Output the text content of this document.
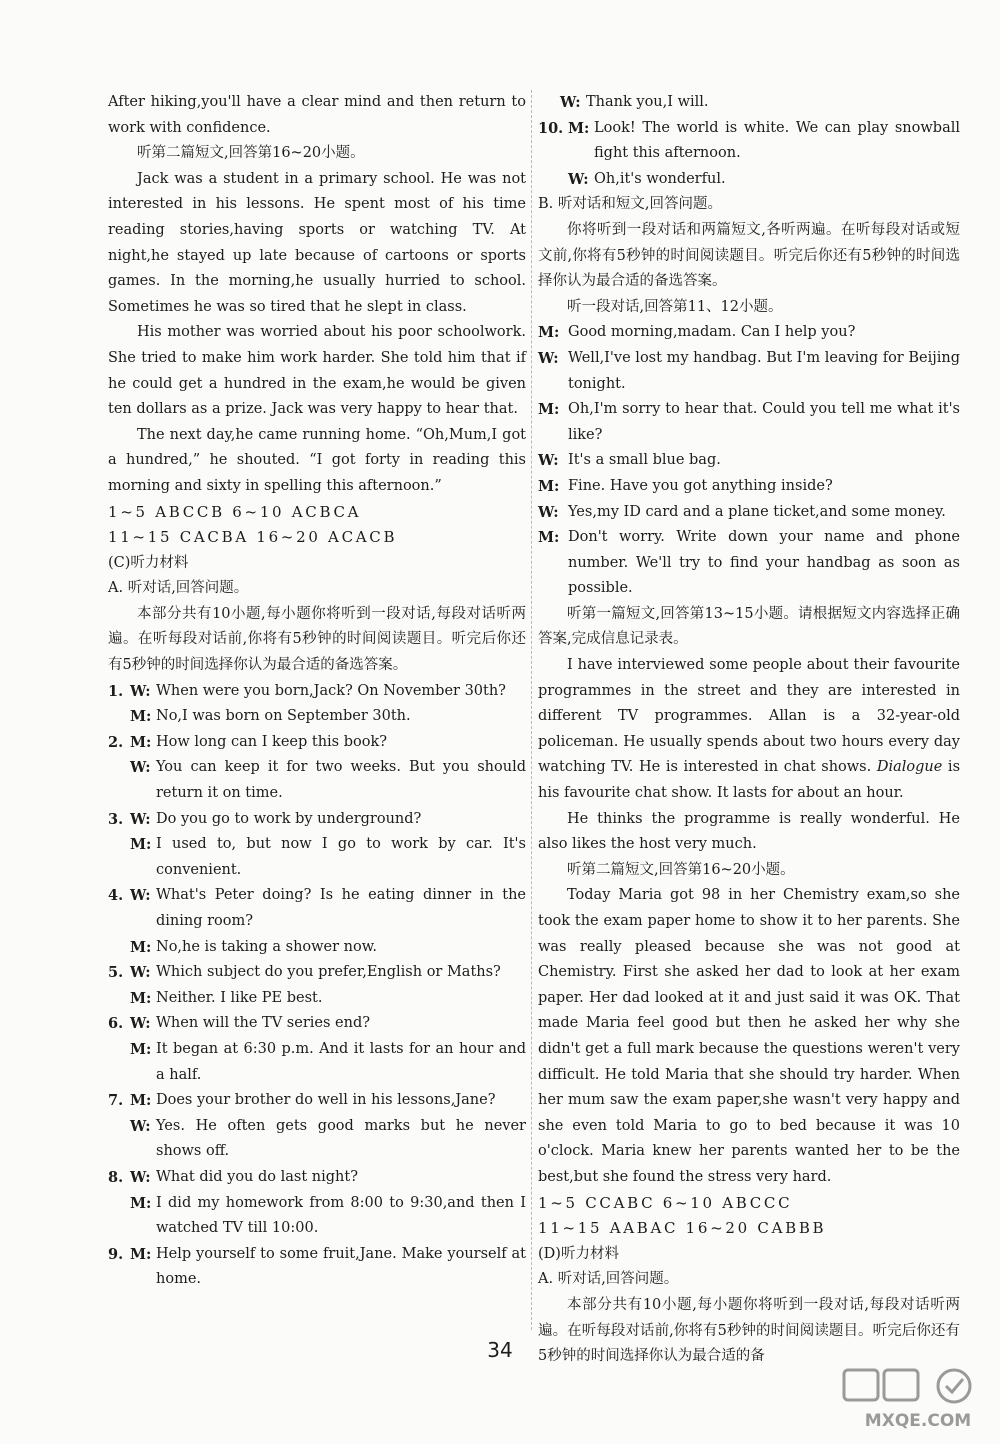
After hiking,you'll have a clear mind and then return to work with confidence.

听第二篇短文,回答第16~20小题。

Jack was a student in a primary school. He was not interested in his lessons. He spent most of his time reading stories,having sports or watching TV. At night,he stayed up late because of cartoons or sports games. In the morning,he usually hurried to school. Sometimes he was so tired that he slept in class.

His mother was worried about his poor schoolwork. She tried to make him work harder. She told him that if he could get a hundred in the exam,he would be given ten dollars as a prize. Jack was very happy to hear that.

The next day,he came running home. “Oh,Mum,I got a hundred,” he shouted. “I got forty in reading this morning and sixty in spelling this afternoon.”

1~5 ABCCB 6~10 ACBCA

11~15 CACBA 16~20 ACACB

(C)听力材料

A. 听对话,回答问题。

本部分共有10小题,每小题你将听到一段对话,每段对话听两遍。在听每段对话前,你将有5秒钟的时间阅读题目。听完后你还有5秒钟的时间选择你认为最合适的备选答案。

1. W: When were you born,Jack? On November 30th?
M: No,I was born on September 30th.
2. M: How long can I keep this book?
W: You can keep it for two weeks. But you should return it on time.
3. W: Do you go to work by underground?
M: I used to, but now I go to work by car. It's convenient.
4. W: What's Peter doing? Is he eating dinner in the dining room?
M: No,he is taking a shower now.
5. W: Which subject do you prefer,English or Maths?
M: Neither. I like PE best.
6. W: When will the TV series end?
M: It began at 6:30 p.m. And it lasts for an hour and a half.
7. M: Does your brother do well in his lessons,Jane?
W: Yes. He often gets good marks but he never shows off.
8. W: What did you do last night?
M: I did my homework from 8:00 to 9:30,and then I watched TV till 10:00.
9. M: Help yourself to some fruit,Jane. Make yourself at home.
W: Thank you,I will.
10. M: Look! The world is white. We can play snowball fight this afternoon.
W: Oh,it's wonderful.

B. 听对话和短文,回答问题。

你将听到一段对话和两篇短文,各听两遍。在听每段对话或短文前,你将有5秒钟的时间阅读题目。听完后你还有5秒钟的时间选择你认为最合适的备选答案。

听一段对话,回答第11、12小题。

M: Good morning,madam. Can I help you?
W: Well,I've lost my handbag. But I'm leaving for Beijing tonight.
M: Oh,I'm sorry to hear that. Could you tell me what it's like?
W: It's a small blue bag.
M: Fine. Have you got anything inside?
W: Yes,my ID card and a plane ticket,and some money.
M: Don't worry. Write down your name and phone number. We'll try to find your handbag as soon as possible.

听第一篇短文,回答第13~15小题。请根据短文内容选择正确答案,完成信息记录表。

I have interviewed some people about their favourite programmes in the street and they are interested in different TV programmes. Allan is a 32-year-old policeman. He usually spends about two hours every day watching TV. He is interested in chat shows. Dialogue is his favourite chat show. It lasts for about an hour.

He thinks the programme is really wonderful. He also likes the host very much.

听第二篇短文,回答第16~20小题。

Today Maria got 98 in her Chemistry exam,so she took the exam paper home to show it to her parents. She was really pleased because she was not good at Chemistry. First she asked her dad to look at her exam paper. Her dad looked at it and just said it was OK. That made Maria feel good but then he asked her why she didn't get a full mark because the questions weren't very difficult. He told Maria that she should try harder. When her mum saw the exam paper,she wasn't very happy and she even told Maria to go to bed because it was 10 o'clock. Maria knew her parents wanted her to be the best,but she found the stress very hard.

1~5 CCABC 6~10 ABCCC

11~15 AABAC 16~20 CABBB

(D)听力材料

A. 听对话,回答问题。

本部分共有10小题,每小题你将听到一段对话,每段对话听两遍。在听每段对话前,你将有5秒钟的时间阅读题目。听完后你还有5秒钟的时间选择你认为最合适的备

34
MXQE.COM
